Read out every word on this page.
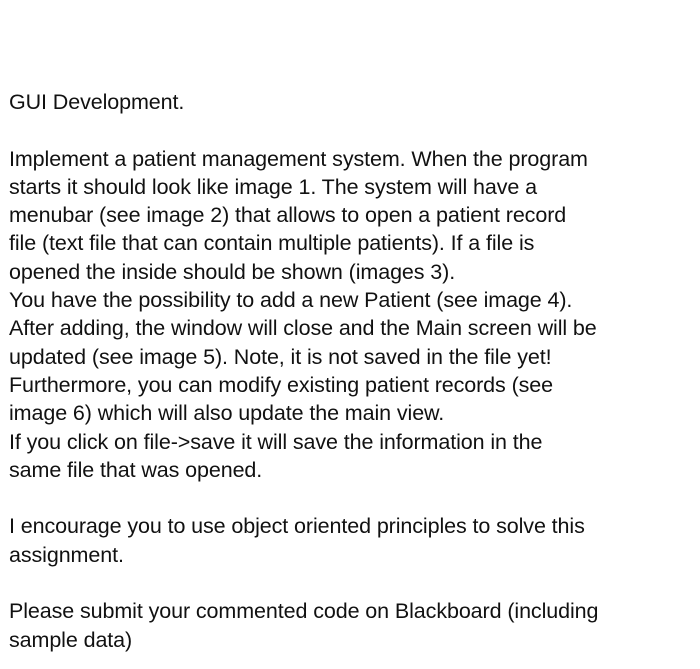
GUI Development.
Implement a patient management system. When the program
starts it should look like image 1. The system will have a
menubar (see image 2) that allows to open a patient record
file (text file that can contain multiple patients). If a file is
opened the inside should be shown (images 3).
You have the possibility to add a new Patient (see image 4).
After adding, the window will close and the Main screen will be
updated (see image 5). Note, it is not saved in the file yet!
Furthermore, you can modify existing patient records (see
image 6) which will also update the main view.
If you click on file->save it will save the information in the
same file that was opened.
I encourage you to use object oriented principles to solve this
assignment.
Please submit your commented code on Blackboard (including
sample data)
